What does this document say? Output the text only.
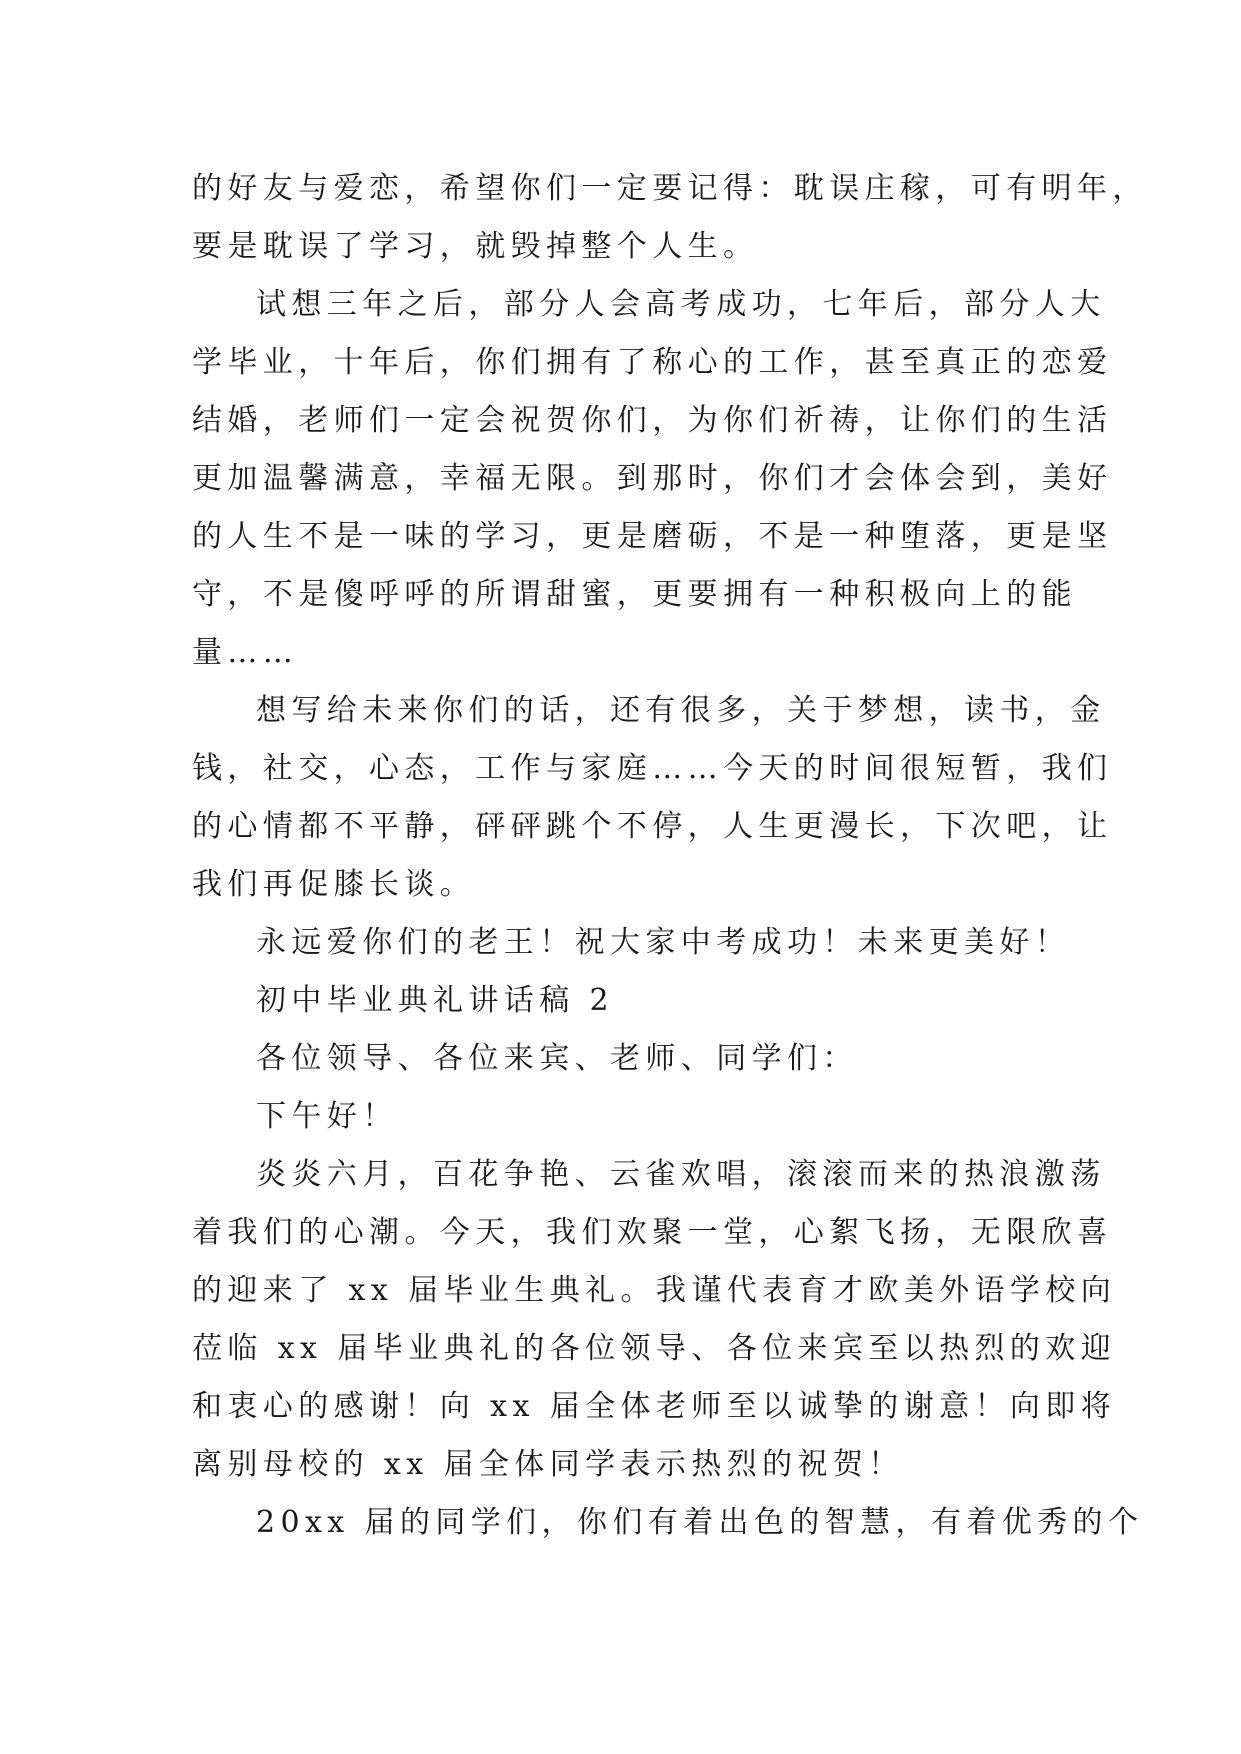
的好友与爱恋，希望你们一定要记得：耽误庄稼，可有明年，
要是耽误了学习，就毁掉整个人生。
试想三年之后，部分人会高考成功，七年后，部分人大
学毕业，十年后，你们拥有了称心的工作，甚至真正的恋爱
结婚，老师们一定会祝贺你们，为你们祈祷，让你们的生活
更加温馨满意，幸福无限。到那时，你们才会体会到，美好
的人生不是一味的学习，更是磨砺，不是一种堕落，更是坚
守，不是傻呼呼的所谓甜蜜，更要拥有一种积极向上的能
量……
想写给未来你们的话，还有很多，关于梦想，读书，金
钱，社交，心态，工作与家庭……今天的时间很短暂，我们
的心情都不平静，砰砰跳个不停，人生更漫长，下次吧，让
我们再促膝长谈。
永远爱你们的老王！祝大家中考成功！未来更美好！
初中毕业典礼讲话稿 2
各位领导、各位来宾、老师、同学们：
下午好！
炎炎六月，百花争艳、云雀欢唱，滚滚而来的热浪激荡
着我们的心潮。今天，我们欢聚一堂，心絮飞扬，无限欣喜
的迎来了 xx 届毕业生典礼。我谨代表育才欧美外语学校向
莅临 xx 届毕业典礼的各位领导、各位来宾至以热烈的欢迎
和衷心的感谢！向 xx 届全体老师至以诚挚的谢意！向即将
离别母校的 xx 届全体同学表示热烈的祝贺！
20xx 届的同学们，你们有着出色的智慧，有着优秀的个
